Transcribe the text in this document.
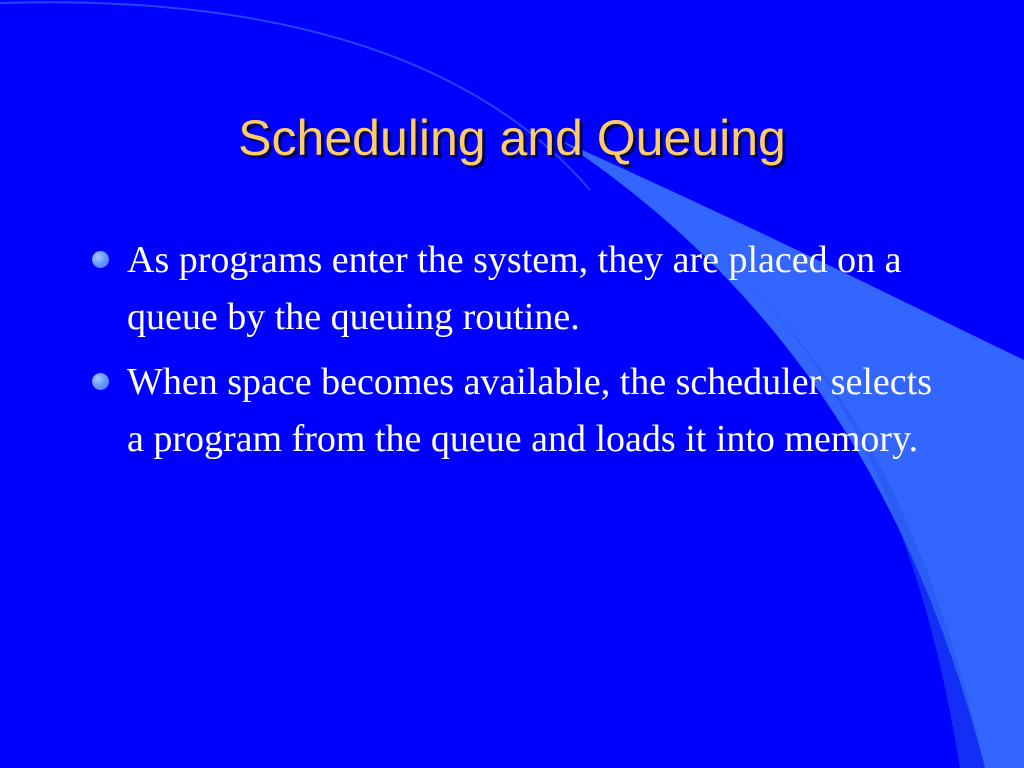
Scheduling and Queuing
As programs enter the system, they are placed on a queue by the queuing routine.
When space becomes available, the scheduler selects a program from the queue and loads it into memory.
